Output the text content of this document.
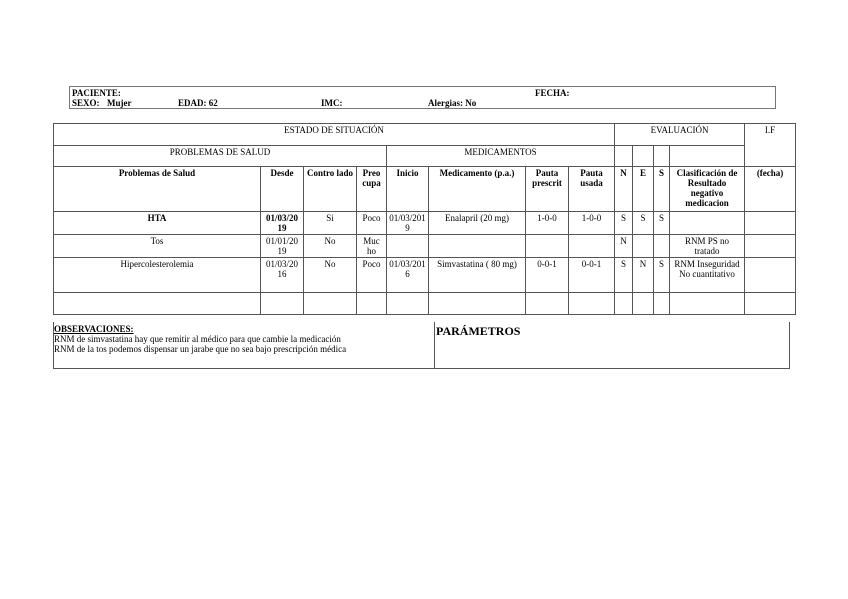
PACIENTE:	FECHA:
SEXO: Mujer	EDAD: 62	IMC:	Alergias: No
ESTADO DE SITUACIÓN								EVALUACIÓN				I.F
PROBLEMAS DE SALUD				MEDICAMENTOS								
Problemas de Salud	Desde	Contro lado	Preo cupa	Inicio	Medicamento (p.a.)	Pauta prescrit	Pauta usada	N	E	S	Clasificación de Resultado negativo medicacion	(fecha)
HTA	01/03/20 19	Si	Poco	01/03/201 9	Enalapril (20 mg)	1-0-0	1-0-0	S	S	S		
Tos	01/01/20 19	No	Muc ho					N			RNM PS no tratado	
Hipercolesterolemia	01/03/20 16	No	Poco	01/03/201 6	Simvastatina ( 80 mg)	0-0-1	0-0-1	S	N	S	RNM Inseguridad No cuantitativo	

OBSERVACIONES:
RNM de simvastatina hay que remitir al médico para que cambie la medicación
RNM de la tos podemos dispensar un jarabe que no sea bajo prescripción médica
PARÁMETROS
